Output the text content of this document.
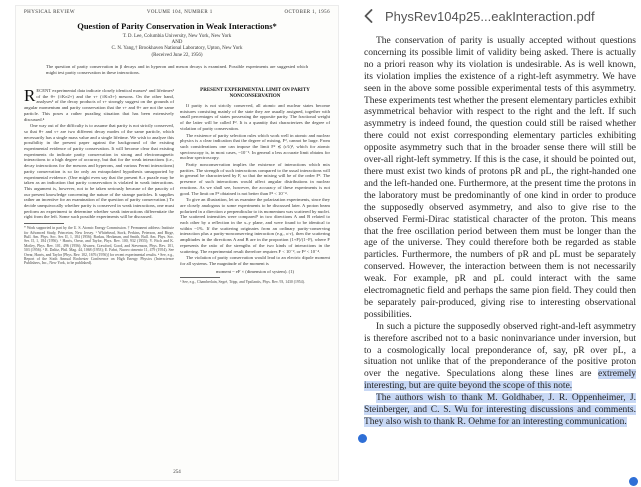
PHYSICAL REVIEW	VOLUME 104, NUMBER 1	OCTOBER 1, 1956
Question of Parity Conservation in Weak Interactions*
T. D. Lee, Columbia University, New York, New York
AND
C. N. Yang,† Brookhaven National Laboratory, Upton, New York
(Received June 22, 1956)
The question of parity conservation in β decays and in hyperon and meson decays is examined. Possible experiments are suggested which might test parity conservation in these interactions.

RECENT experimental data indicate closely identical masses¹ and lifetimes² of the θ+ (≡Kπ2+) and the τ+ (≡Kπ3+) mesons. On the other hand, analyses³ of the decay products of τ+ strongly suggest on the grounds of angular momentum and parity conservation that the τ+ and θ+ are not the same particle. This poses a rather puzzling situation that has been extensively discussed.⁴

One way out of the difficulty is to assume that parity is not strictly conserved, so that θ+ and τ+ are two different decay modes of the same particle, which necessarily has a single mass value and a single lifetime. We wish to analyze this possibility in the present paper against the background of the existing experimental evidence of parity conservation. It will become clear that existing experiments do indicate parity conservation in strong and electromagnetic interactions to a high degree of accuracy, but that for the weak interactions (i.e., decay interactions for the mesons and hyperons, and various Fermi interactions) parity conservation is so far only an extrapolated hypothesis unsupported by experimental evidence. (One might even say that the present θ–τ puzzle may be taken as an indication that parity conservation is violated in weak interactions. This argument is, however, not to be taken seriously because of the paucity of our present knowledge concerning the nature of the strange particles. It supplies rather an incentive for an examination of the question of parity conservation.) To decide unequivocally whether parity is conserved in weak interactions, one must perform an experiment to determine whether weak interactions differentiate the right from the left. Some such possible experiments will be discussed.

* Work supported in part by the U. S. Atomic Energy Commission. † Permanent address: Institute for Advanced Study, Princeton, New Jersey. ¹ Whitehead, Stork, Perkins, Peterson, and Birge, Bull. Am. Phys. Soc. Ser. II, 1, 184 (1956); Barkas, Heckman, and Smith, Bull. Am. Phys. Soc. Ser. II, 1, 184 (1956). ² Harris, Orear, and Taylor, Phys. Rev. 100, 932 (1955); V. Fitch and K. Motley, Phys. Rev. 101, 496 (1956); Alvarez, Crawford, Good, and Stevenson, Phys. Rev. 101, 503 (1956). ³ R. Dalitz, Phil. Mag. 44, 1068 (1953); E. Fabri, Nuovo cimento 11, 479 (1954). See Orear, Harris, and Taylor [Phys. Rev. 102, 1676 (1956)] for recent experimental results. ⁴ See, e.g., Report of the Sixth Annual Rochester Conference on High Energy Physics (Interscience Publishers, Inc., New York, to be published).
PRESENT EXPERIMENTAL LIMIT ON PARITY NONCONSERVATION

If parity is not strictly conserved, all atomic and nuclear states become mixtures consisting mainly of the state they are usually assigned, together with small percentages of states possessing the opposite parity. The fractional weight of the latter will be called F². It is a quantity that characterizes the degree of violation of parity conservation.

The existence of parity selection rules which work well in atomic and nuclear physics is a clear indication that the degree of mixing, F², cannot be large. From such considerations one can impose the limit F² ≲ (r/λ)², which for atomic spectroscopy is, in most cases, ~10⁻⁶. In general a less accurate limit obtains for nuclear spectroscopy.

Parity nonconservation implies the existence of interactions which mix parities. The strength of such interactions compared to the usual interactions will in general be characterized by F, so that the mixing will be of the order F². The presence of such interactions would affect angular distributions in nuclear reactions. As we shall see, however, the accuracy of these experiments is not good. The limit on F² obtained is not better than F² < 10⁻⁴.

To give an illustration, let us examine the polarization experiments, since they are closely analogous to some experiments to be discussed later. A proton beam polarized in a direction z perpendicular to its momentum was scattered by nuclei. The scattered intensities were compared⁵ in two directions A and B related to each other by a reflection in the x–y plane, and were found to be identical to within ~1%. If the scattering originates from an ordinary parity-conserving interaction plus a parity-nonconserving interaction (e.g., σ·r), then the scattering amplitudes in the directions A and B are in the proportion (1+F)/(1−F), where F represents the ratio of the strengths of the two kinds of interactions in the scattering. The experimental result therefore requires F < 10⁻², or F² < 10⁻⁴.

The violation of parity conservation would lead to an electric dipole moment for all systems. The magnitude of the moment is

moment ~ eF × (dimension of system). (1)

⁵ See, e.g., Chamberlain, Segrè, Tripp, and Ypsilantis, Phys. Rev. 93, 1430 (1954).
254
PhysRev104p25...eakInteraction.pdf

The conservation of parity is usually accepted without questions concerning its possible limit of validity being asked. There is actually no a priori reason why its violation is undesirable. As is well known, its violation implies the existence of a right-left asymmetry. We have seen in the above some possible experimental tests of this asymmetry. These experiments test whether the present elementary particles exhibit asymmetrical behavior with respect to the right and the left. If such asymmetry is indeed found, the question could still be raised whether there could not exist corresponding elementary particles exhibiting opposite asymmetry such that in the broader sense there will still be over-all right-left symmetry. If this is the case, it should be pointed out, there must exist two kinds of protons pR and pL, the right-handed one and the left-handed one. Furthermore, at the present time the protons in the laboratory must be predominantly of one kind in order to produce the supposedly observed asymmetry, and also to give rise to the observed Fermi-Dirac statistical character of the proton. This means that the free oscillation period between them must be longer than the age of the universe. They could therefore both be regarded as stable particles. Furthermore, the numbers of pR and pL must be separately conserved. However, the interaction between them is not necessarily weak. For example, pR and pL could interact with the same electromagnetic field and perhaps the same pion field. They could then be separately pair-produced, giving rise to interesting observational possibilities.

In such a picture the supposedly observed right-and-left asymmetry is therefore ascribed not to a basic noninvariance under inversion, but to a cosmologically local preponderance of, say, pR over pL, a situation not unlike that of the preponderance of the positive proton over the negative. Speculations along these lines are extremely interesting, but are quite beyond the scope of this note.

The authors wish to thank M. Goldhaber, J. R. Oppenheimer, J. Steinberger, and C. S. Wu for interesting discussions and comments. They also wish to thank R. Oehme for an interesting communication.
